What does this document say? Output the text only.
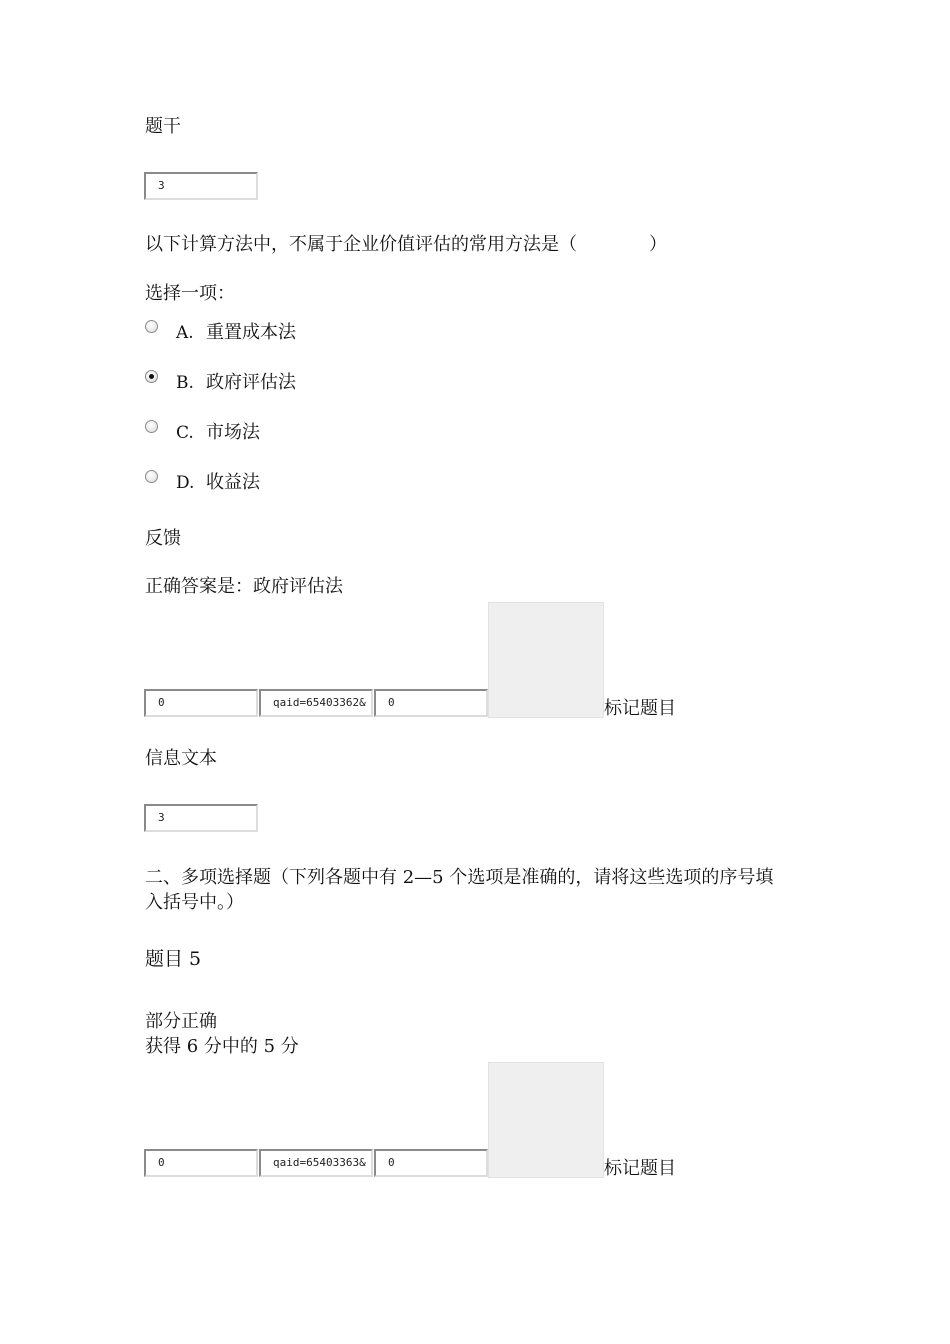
题干
3
以下计算方法中，不属于企业价值评估的常用方法是（　　　　）
选择一项：
A. 重置成本法
B. 政府评估法
C. 市场法
D. 收益法
反馈
正确答案是：政府评估法
0	qaid=65403362&	0	标记题目
信息文本
3
二、多项选择题（下列各题中有 2—5 个选项是准确的，请将这些选项的序号填
入括号中。）
题目 5
部分正确
获得 6 分中的 5 分
0	qaid=65403363&	0	标记题目
